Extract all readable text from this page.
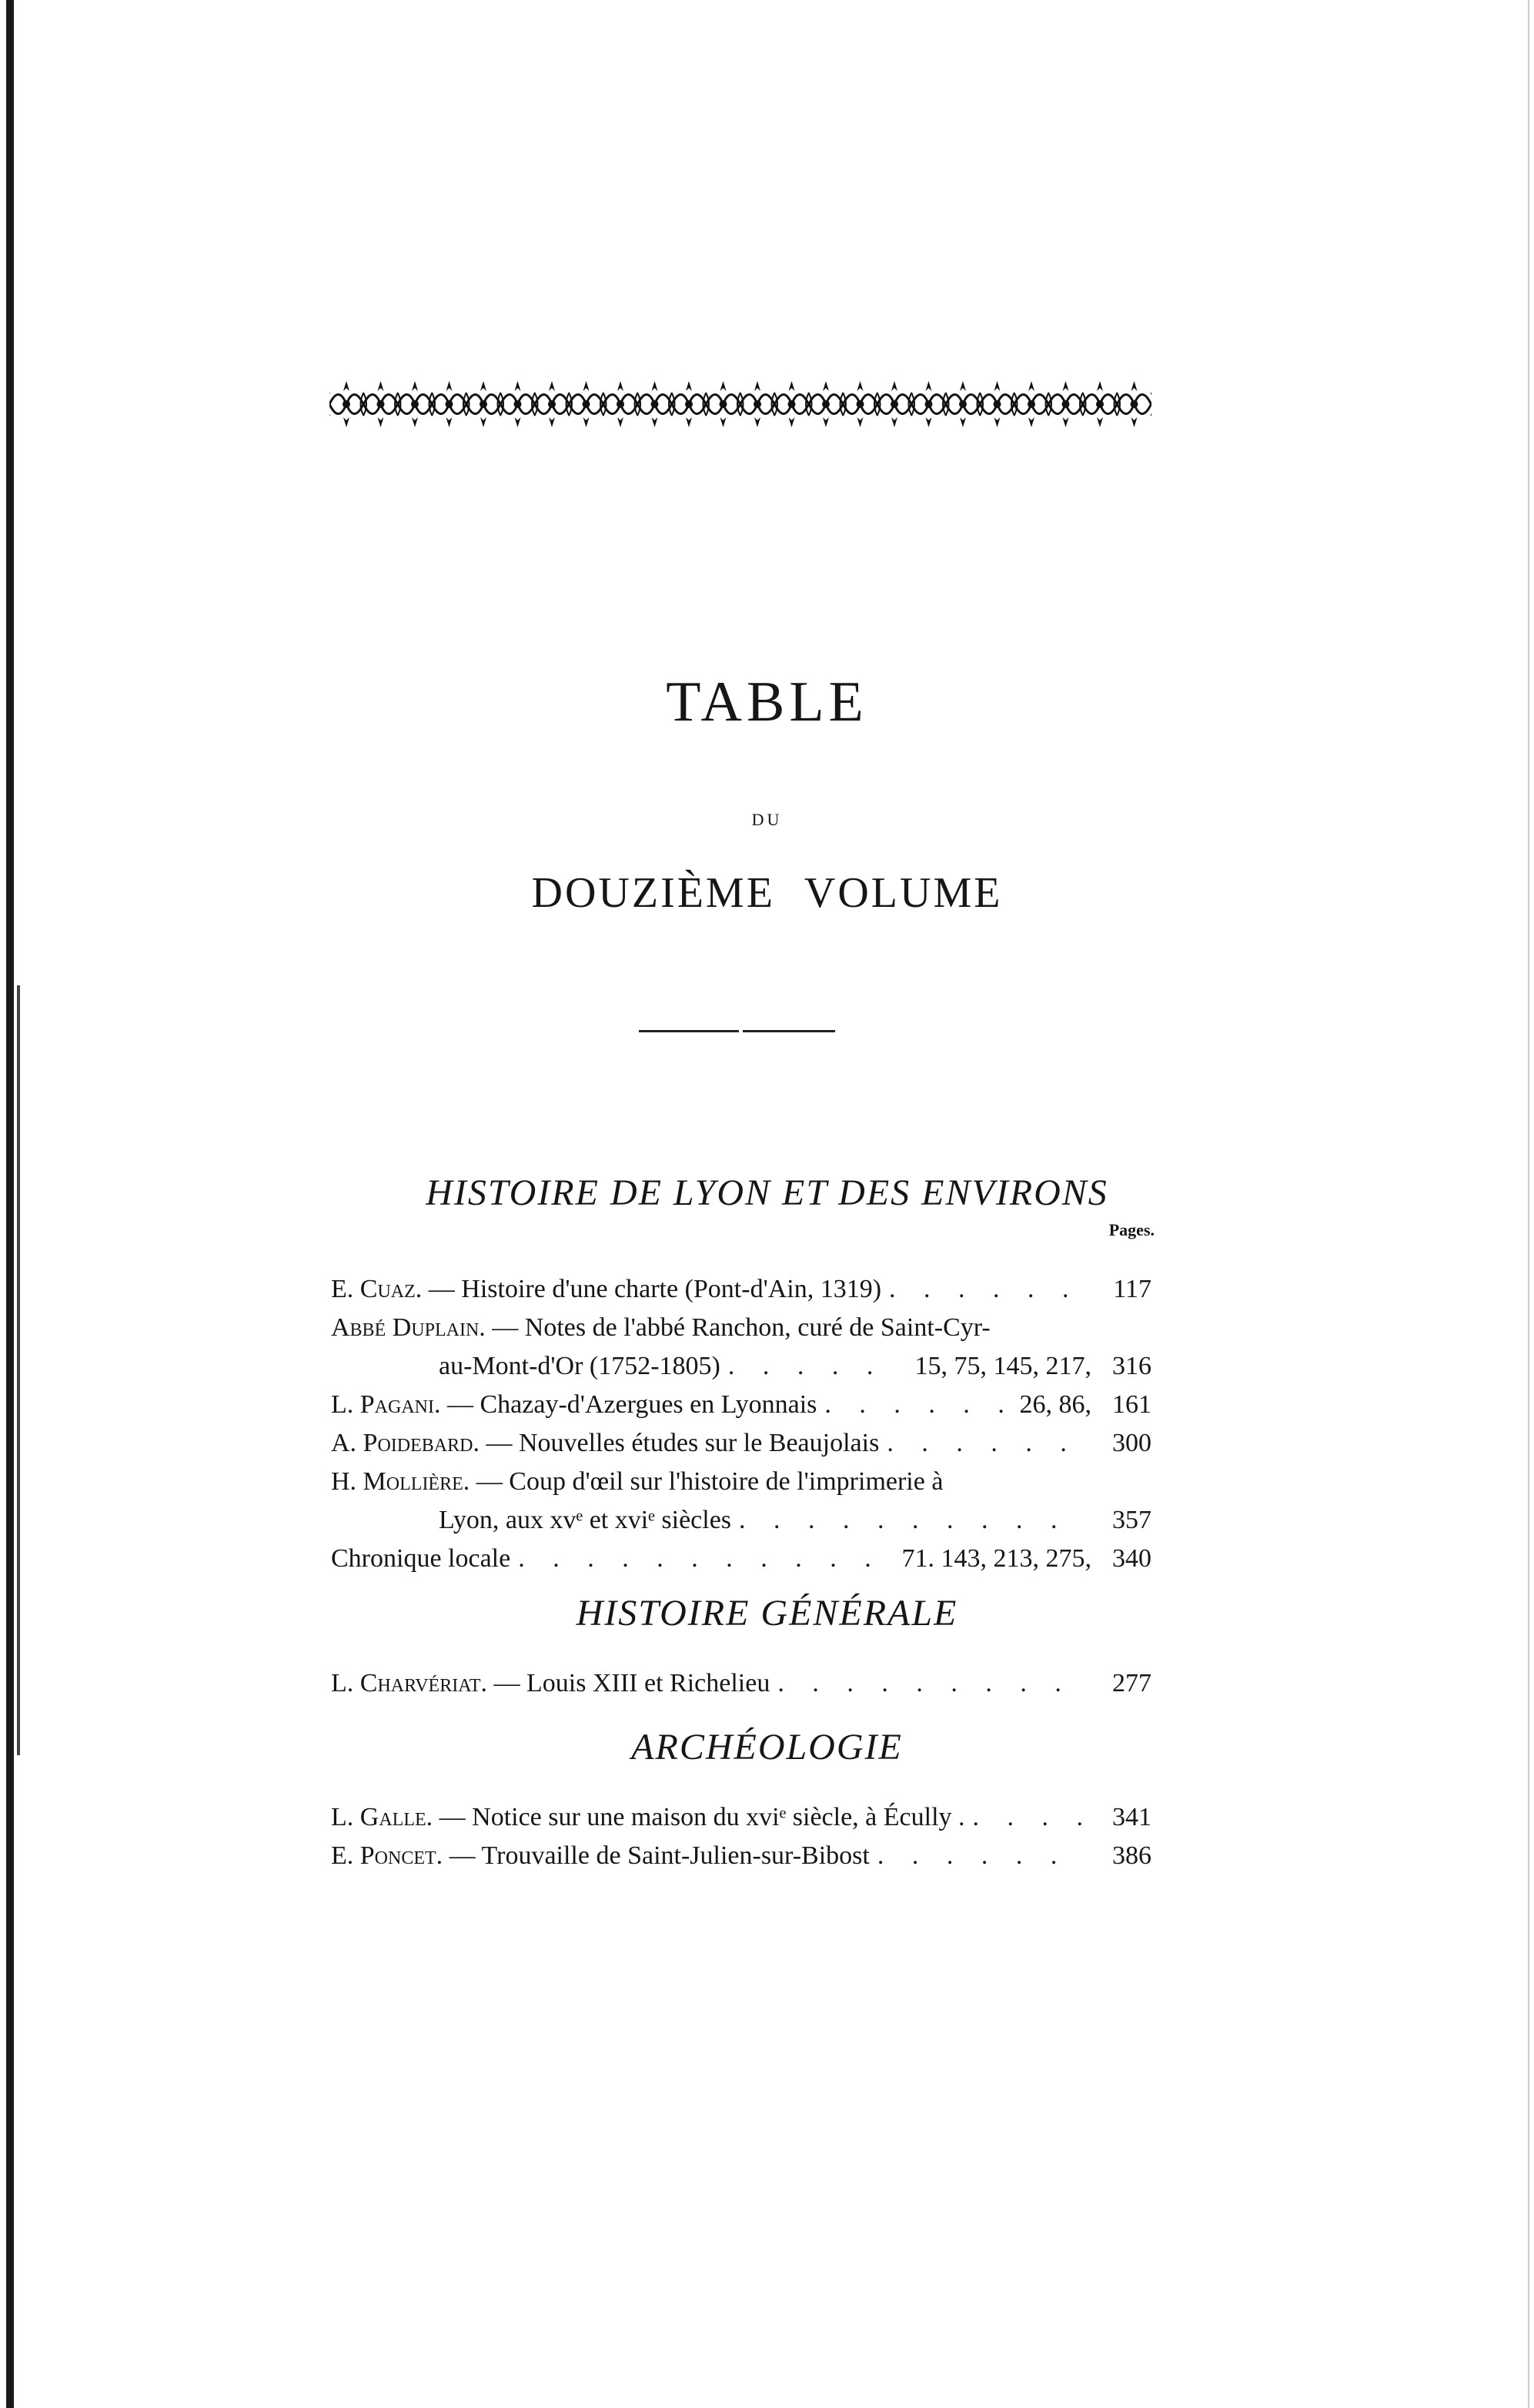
TABLE
DU
DOUZIÈME VOLUME
HISTOIRE DE LYON ET DES ENVIRONS
Pages.
E. Cuaz.
— Histoire d'une charte (Pont-d'Ain, 1319) . . .	117
Abbé Duplain.
— Notes de l'abbé Ranchon, curé de Saint-Cyr-
au-Mont-d'Or (1752-1805) . . .	15, 75, 145, 217, 316
L. Pagani.
— Chazay-d'Azergues en Lyonnais . . .	26, 86, 161
A. Poidebard.
— Nouvelles études sur le Beaujolais . . .	300
H. Mollière.
— Coup d'œil sur l'histoire de l'imprimerie à
Lyon, aux xvᵉ et xviᵉ siècles . . .	357
Chronique locale . . .	71. 143, 213, 275, 340
L. Charvériat.
— Louis XIII et Richelieu . . .	277
L. Galle.
— Notice sur une maison du xviᵉ siècle, à Écully . . . .	341
E. Poncet.
— Trouvaille de Saint-Julien-sur-Bibost . . .	386
HISTOIRE GÉNÉRALE
ARCHÉOLOGIE
